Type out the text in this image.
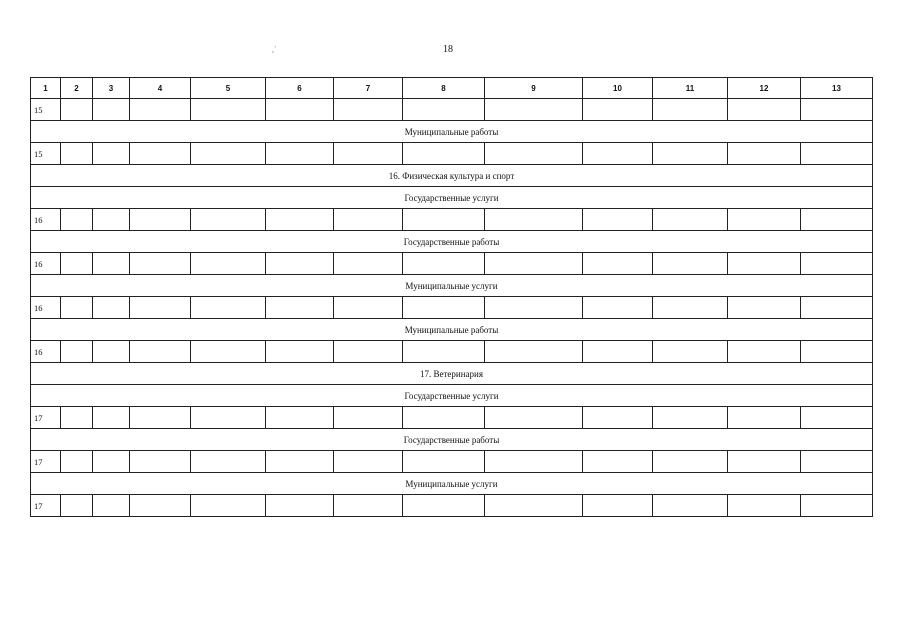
18
,`
1	2	3	4	5	6	7	8	9	10	11	12	13
15												
Муниципальные работы												
15												
16. Физическая культура и спорт												
Государственные услуги												
16												
Государственные работы												
16												
Муниципальные услуги												
16												
Муниципальные работы												
16												
17. Ветеринария												
Государственные услуги												
17												
Государственные работы												
17												
Муниципальные услуги												
17												
